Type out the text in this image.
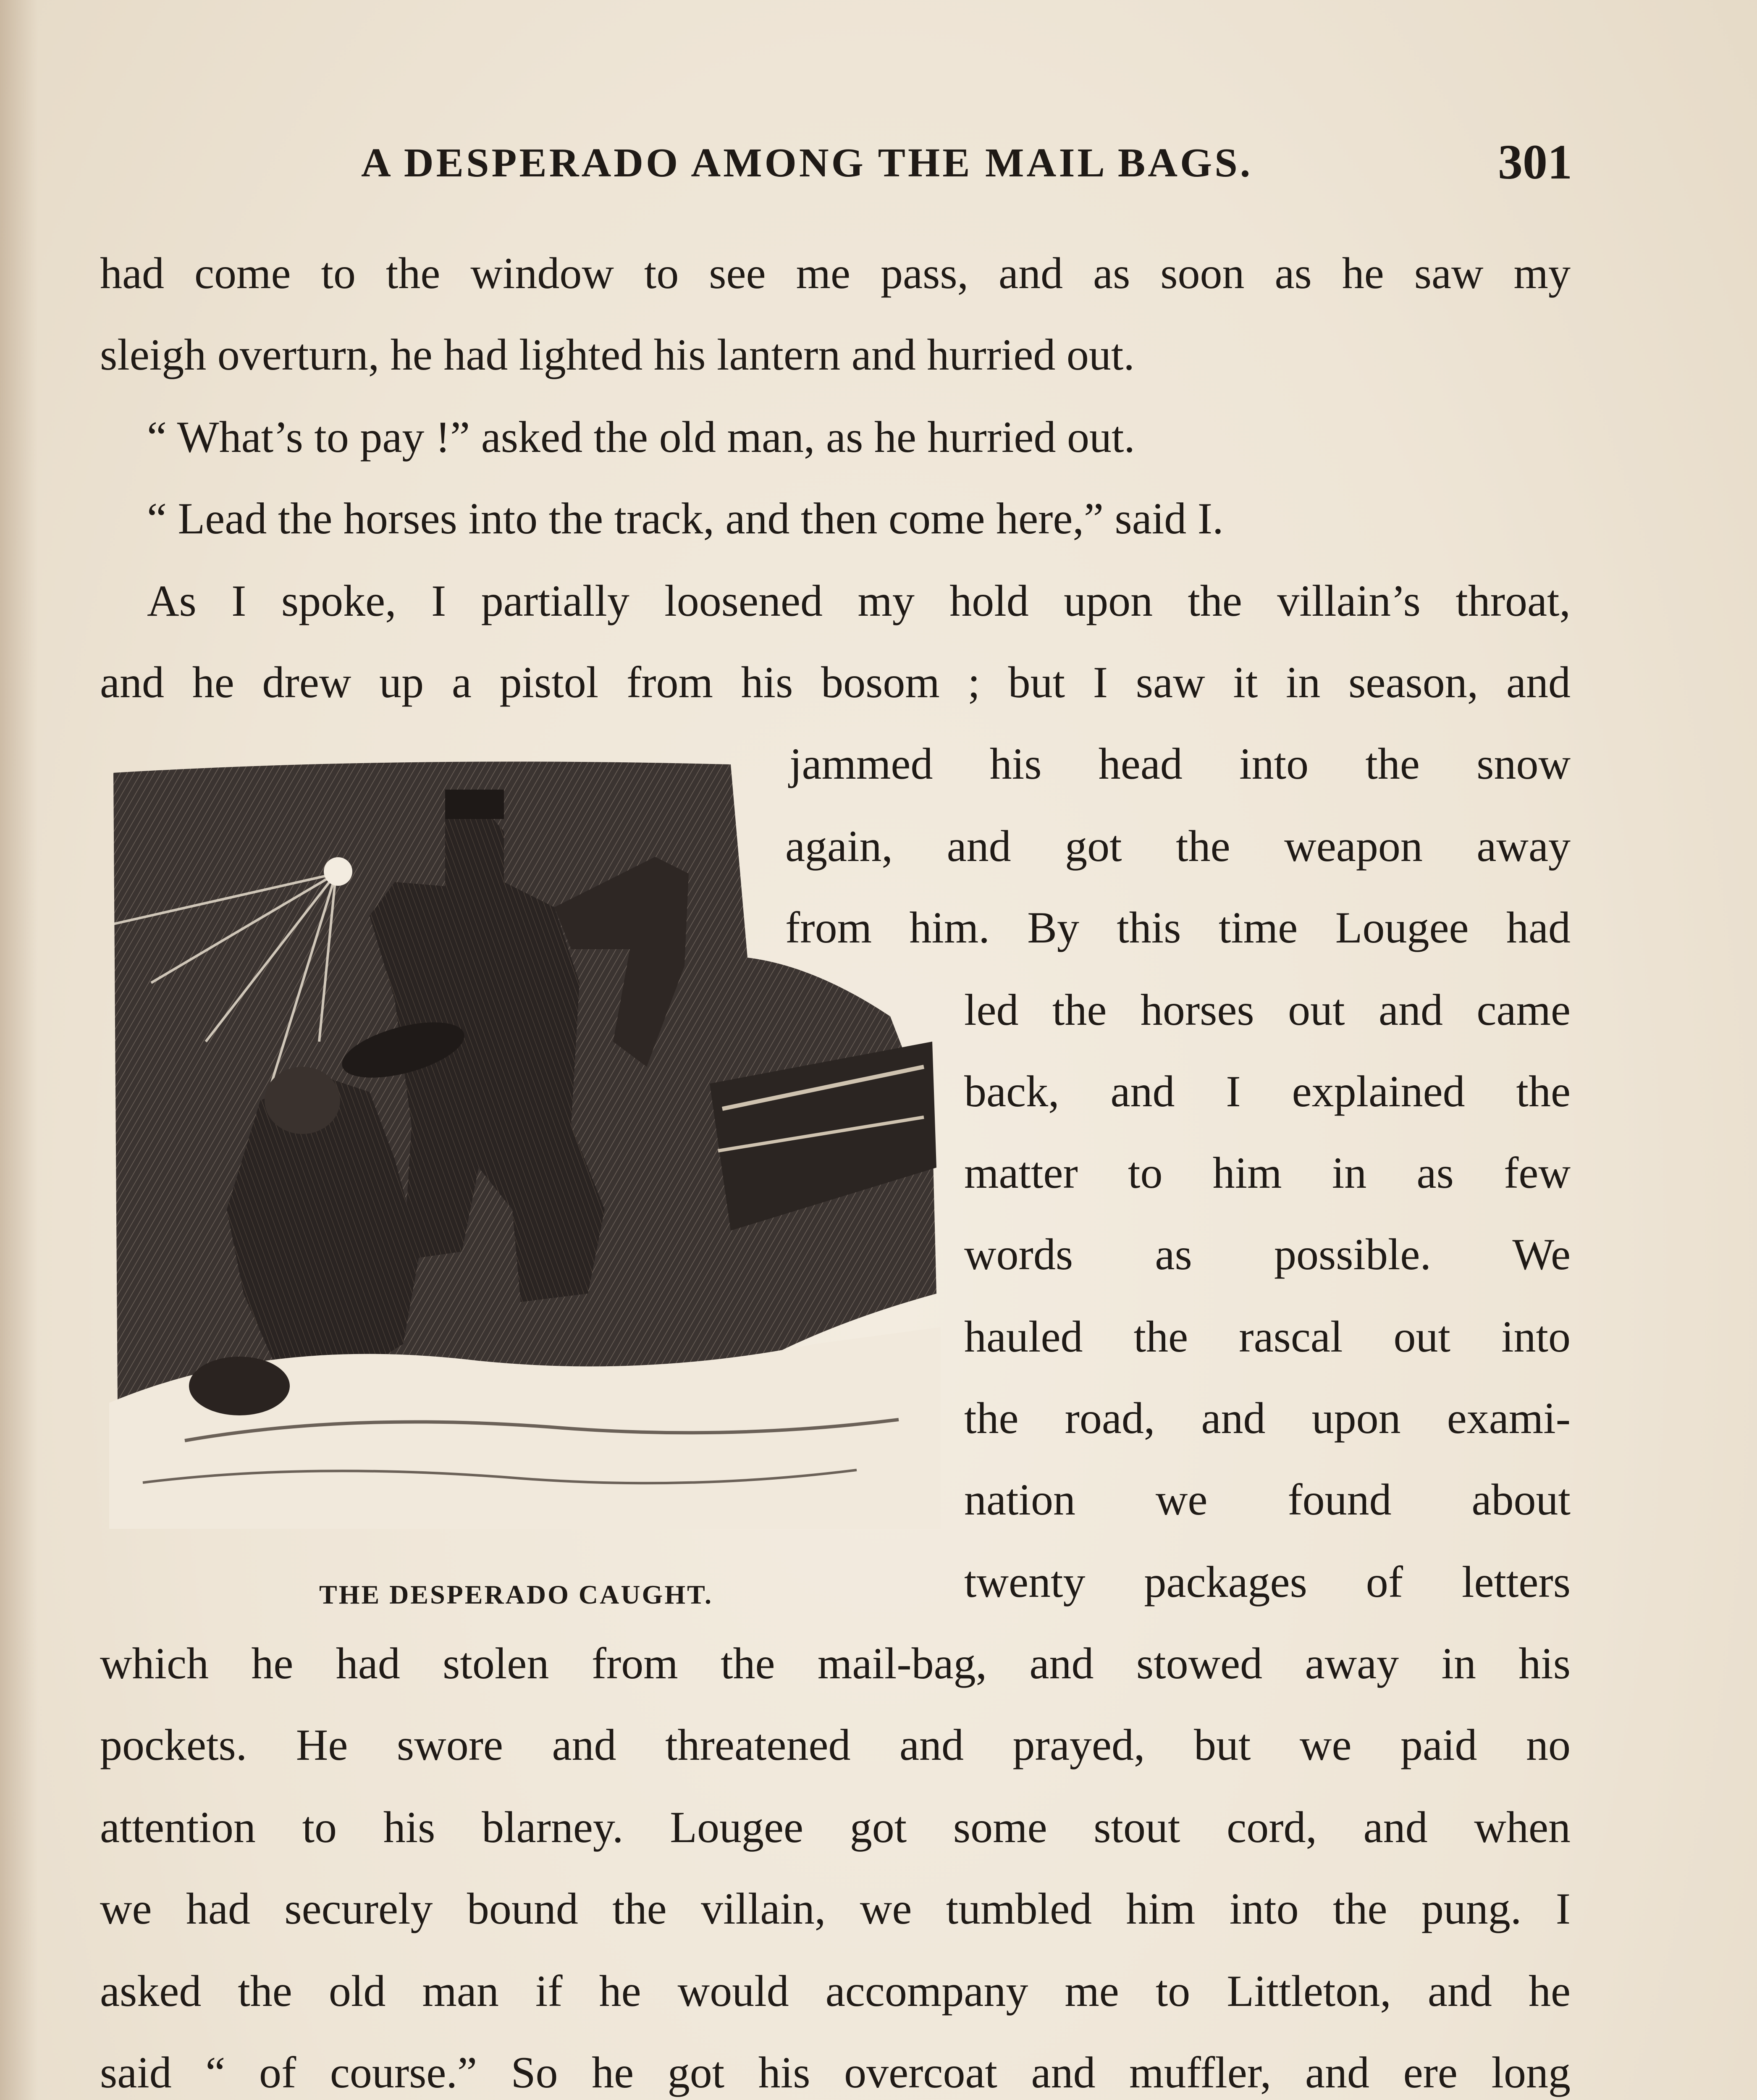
A DESPERADO AMONG THE MAIL BAGS.	301
had come to the window to see me pass, and as soon as he saw my
sleigh overturn, he had lighted his lantern and hurried out.
“ What’s to pay !” asked the old man, as he hurried out.
“ Lead the horses into the track, and then come here,” said I.
As I spoke, I partially loosened my hold upon the villain’s throat,
and he drew up a pistol from his bosom ; but I saw it in season, and
jammed his head into the snow
again, and got the weapon away
from him. By this time Lougee had
led the horses out and came
back, and I explained the
matter to him in as few
words as possible. We
hauled the rascal out into
the road, and upon exami-
nation we found about
twenty packages of letters
which he had stolen from the mail-bag, and stowed away in his
pockets. He swore and threatened and prayed, but we paid no
attention to his blarney. Lougee got some stout cord, and when
we had securely bound the villain, we tumbled him into the pung. I
asked the old man if he would accompany me to Littleton, and he
said “ of course.” So he got his overcoat and muffler, and ere long
THE DESPERADO CAUGHT.
